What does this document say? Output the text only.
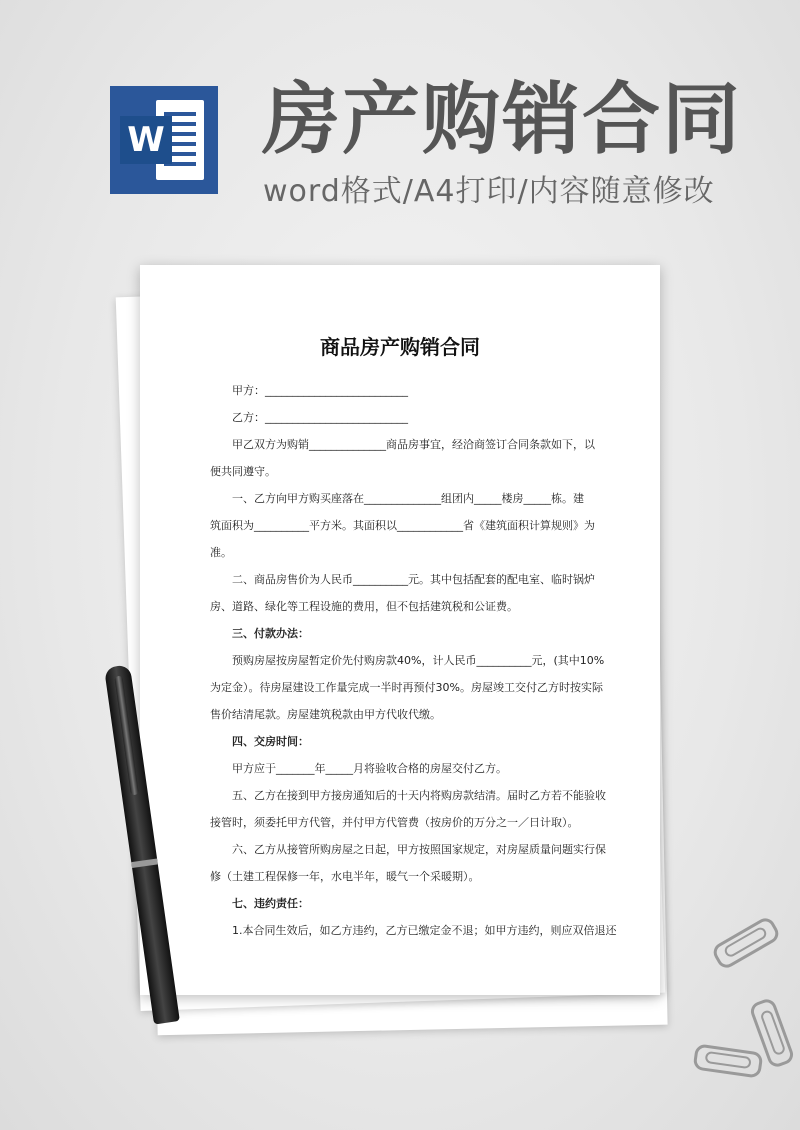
W 房产购销合同
word格式/A4打印/内容随意修改
商品房产购销合同

甲方：__________________________

乙方：__________________________

甲乙双方为购销______________商品房事宜，经洽商签订合同条款如下，以

便共同遵守。

一、乙方向甲方购买座落在______________组团内_____楼房_____栋。建

筑面积为__________平方米。其面积以____________省《建筑面积计算规则》为

准。

二、商品房售价为人民币__________元。其中包括配套的配电室、临时锅炉

房、道路、绿化等工程设施的费用，但不包括建筑税和公证费。

三、付款办法：

预购房屋按房屋暂定价先付购房款40%，计人民币__________元，(其中10%

为定金）。待房屋建设工作量完成一半时再预付30%。房屋竣工交付乙方时按实际

售价结清尾款。房屋建筑税款由甲方代收代缴。

四、交房时间：

甲方应于_______年_____月将验收合格的房屋交付乙方。

五、乙方在接到甲方接房通知后的十天内将购房款结清。届时乙方若不能验收

接管时，须委托甲方代管，并付甲方代管费（按房价的万分之一／日计取）。

六、乙方从接管所购房屋之日起，甲方按照国家规定，对房屋质量问题实行保

修（土建工程保修一年，水电半年，暖气一个采暖期）。

七、违约责任：

1.本合同生效后，如乙方违约，乙方已缴定金不退；如甲方违约，则应双倍退还
